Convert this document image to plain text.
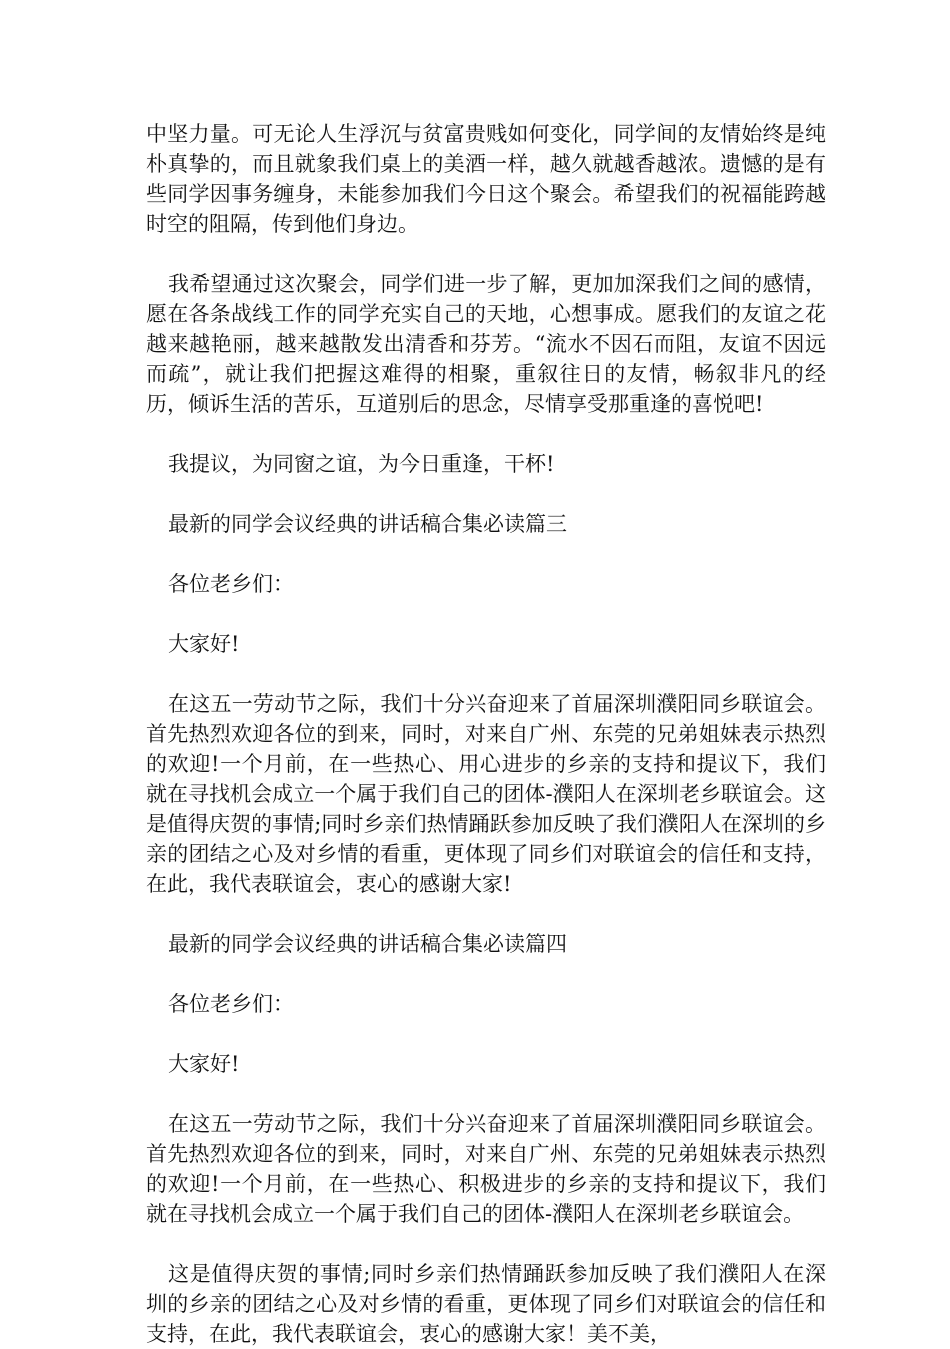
中坚力量。可无论人生浮沉与贫富贵贱如何变化，同学间的友情始终是纯朴真挚的，而且就象我们桌上的美酒一样，越久就越香越浓。遗憾的是有些同学因事务缠身，未能参加我们今日这个聚会。希望我们的祝福能跨越时空的阻隔，传到他们身边。

我希望通过这次聚会，同学们进一步了解，更加加深我们之间的感情，愿在各条战线工作的同学充实自己的天地，心想事成。愿我们的友谊之花越来越艳丽，越来越散发出清香和芬芳。“流水不因石而阻，友谊不因远而疏”，就让我们把握这难得的相聚，重叙往日的友情，畅叙非凡的经历，倾诉生活的苦乐，互道别后的思念，尽情享受那重逢的喜悦吧!

我提议，为同窗之谊，为今日重逢，干杯!

最新的同学会议经典的讲话稿合集必读篇三

各位老乡们：

大家好!

在这五一劳动节之际，我们十分兴奋迎来了首届深圳濮阳同乡联谊会。首先热烈欢迎各位的到来，同时，对来自广州、东莞的兄弟姐妹表示热烈的欢迎!一个月前，在一些热心、用心进步的乡亲的支持和提议下，我们就在寻找机会成立一个属于我们自己的团体-濮阳人在深圳老乡联谊会。这是值得庆贺的事情;同时乡亲们热情踊跃参加反映了我们濮阳人在深圳的乡亲的团结之心及对乡情的看重，更体现了同乡们对联谊会的信任和支持，在此，我代表联谊会，衷心的感谢大家!

最新的同学会议经典的讲话稿合集必读篇四

各位老乡们：

大家好!

在这五一劳动节之际，我们十分兴奋迎来了首届深圳濮阳同乡联谊会。首先热烈欢迎各位的到来，同时，对来自广州、东莞的兄弟姐妹表示热烈的欢迎!一个月前，在一些热心、积极进步的乡亲的支持和提议下，我们就在寻找机会成立一个属于我们自己的团体-濮阳人在深圳老乡联谊会。

这是值得庆贺的事情;同时乡亲们热情踊跃参加反映了我们濮阳人在深圳的乡亲的团结之心及对乡情的看重，更体现了同乡们对联谊会的信任和支持，在此，我代表联谊会，衷心的感谢大家！美不美，
